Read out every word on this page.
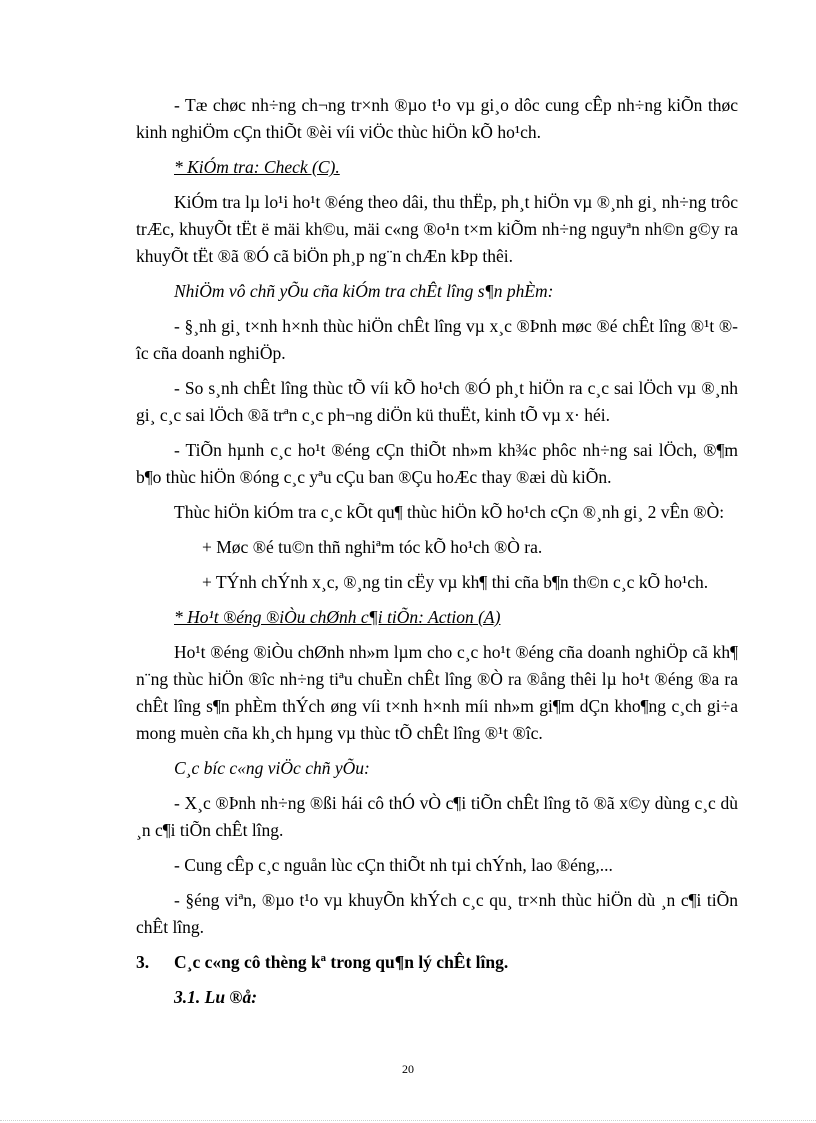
- Tæ chøc nh÷ng ch¬ng tr×nh ®µo t¹o vµ gi¸o dôc cung cÊp nh÷ng kiÕn thøc kinh nghiÖm cÇn thiÕt ®èi víi viÖc thùc hiÖn kÕ ho¹ch.

* KiÓm tra: Check (C).

KiÓm tra lµ lo¹i ho¹t ®éng theo dâi, thu thËp, ph¸t hiÖn vµ ®¸nh gi¸ nh÷ng trôc trÆc, khuyÕt tËt ë mäi kh©u, mäi c«ng ®o¹n t×m kiÕm nh÷ng nguyªn nh©n g©y ra khuyÕt tËt ®ã ®Ó cã biÖn ph¸p ng¨n chÆn kÞp thêi.

NhiÖm vô chñ yÕu cña kiÓm tra chÊt lîng s¶n phÈm:

- §¸nh gi¸ t×nh h×nh thùc hiÖn chÊt lîng vµ x¸c ®Þnh møc ®é chÊt lîng ®¹t ®îc cña doanh nghiÖp.

- So s¸nh chÊt lîng thùc tÕ víi kÕ ho¹ch ®Ó ph¸t hiÖn ra c¸c sai lÖch vµ ®¸nh gi¸ c¸c sai lÖch ®ã trªn c¸c ph¬ng diÖn kü thuËt, kinh tÕ vµ x· héi.

- TiÕn hµnh c¸c ho¹t ®éng cÇn thiÕt nh»m kh¾c phôc nh÷ng sai lÖch, ®¶m b¶o thùc hiÖn ®óng c¸c yªu cÇu ban ®Çu hoÆc thay ®æi dù kiÕn.

Thùc hiÖn kiÓm tra c¸c kÕt qu¶ thùc hiÖn kÕ ho¹ch cÇn ®¸nh gi¸ 2 vÊn ®Ò:

+ Møc ®é tu©n thñ nghiªm tóc kÕ ho¹ch ®Ò ra.

+ TÝnh chÝnh x¸c, ®¸ng tin cËy vµ kh¶ thi cña b¶n th©n c¸c kÕ ho¹ch.

* Ho¹t ®éng ®iÒu chØnh c¶i tiÕn: Action (A)

Ho¹t ®éng ®iÒu chØnh nh»m lµm cho c¸c ho¹t ®éng cña doanh nghiÖp cã kh¶ n¨ng thùc hiÖn ®îc nh÷ng tiªu chuÈn chÊt lîng ®Ò ra ®ång thêi lµ ho¹t ®éng ®a ra chÊt lîng s¶n phÈm thÝch øng víi t×nh h×nh míi nh»m gi¶m dÇn kho¶ng c¸ch gi÷a mong muèn cña kh¸ch hµng vµ thùc tÕ chÊt lîng ®¹t ®îc.

C¸c bíc c«ng viÖc chñ yÕu:

- X¸c ®Þnh nh÷ng ®ßi hái cô thÓ vÒ c¶i tiÕn chÊt lîng tõ ®ã x©y dùng c¸c dù ¸n c¶i tiÕn chÊt lîng.

- Cung cÊp c¸c nguån lùc cÇn thiÕt nh tµi chÝnh, lao ®éng,...

- §éng viªn, ®µo t¹o vµ khuyÕn khÝch c¸c qu¸ tr×nh thùc hiÖn dù ¸n c¶i tiÕn chÊt lîng.

3. C¸c c«ng cô thèng kª trong qu¶n lý chÊt lîng.

3.1. Lu ®å:

20
